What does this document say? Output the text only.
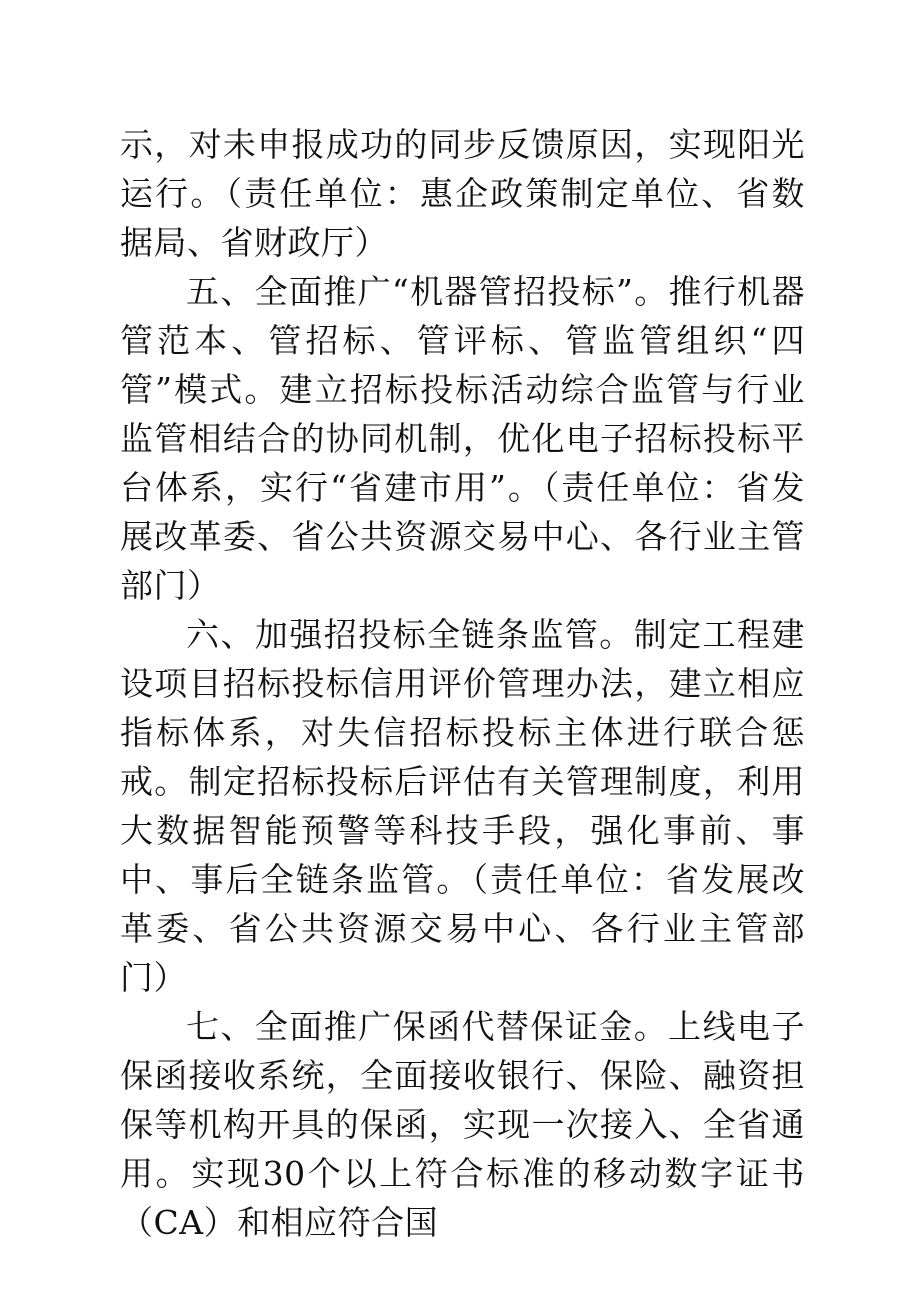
示，对未申报成功的同步反馈原因，实现阳光运行。（责任单位：惠企政策制定单位、省数据局、省财政厅）

五、全面推广“机器管招投标”。推行机器管范本、管招标、管评标、管监管组织“四管”模式。建立招标投标活动综合监管与行业监管相结合的协同机制，优化电子招标投标平台体系，实行“省建市用”。（责任单位：省发展改革委、省公共资源交易中心、各行业主管部门）

六、加强招投标全链条监管。制定工程建设项目招标投标信用评价管理办法，建立相应指标体系，对失信招标投标主体进行联合惩戒。制定招标投标后评估有关管理制度，利用大数据智能预警等科技手段，强化事前、事中、事后全链条监管。（责任单位：省发展改革委、省公共资源交易中心、各行业主管部门）

七、全面推广保函代替保证金。上线电子保函接收系统，全面接收银行、保险、融资担保等机构开具的保函，实现一次接入、全省通用。实现30个以上符合标准的移动数字证书（CA）和相应符合国
